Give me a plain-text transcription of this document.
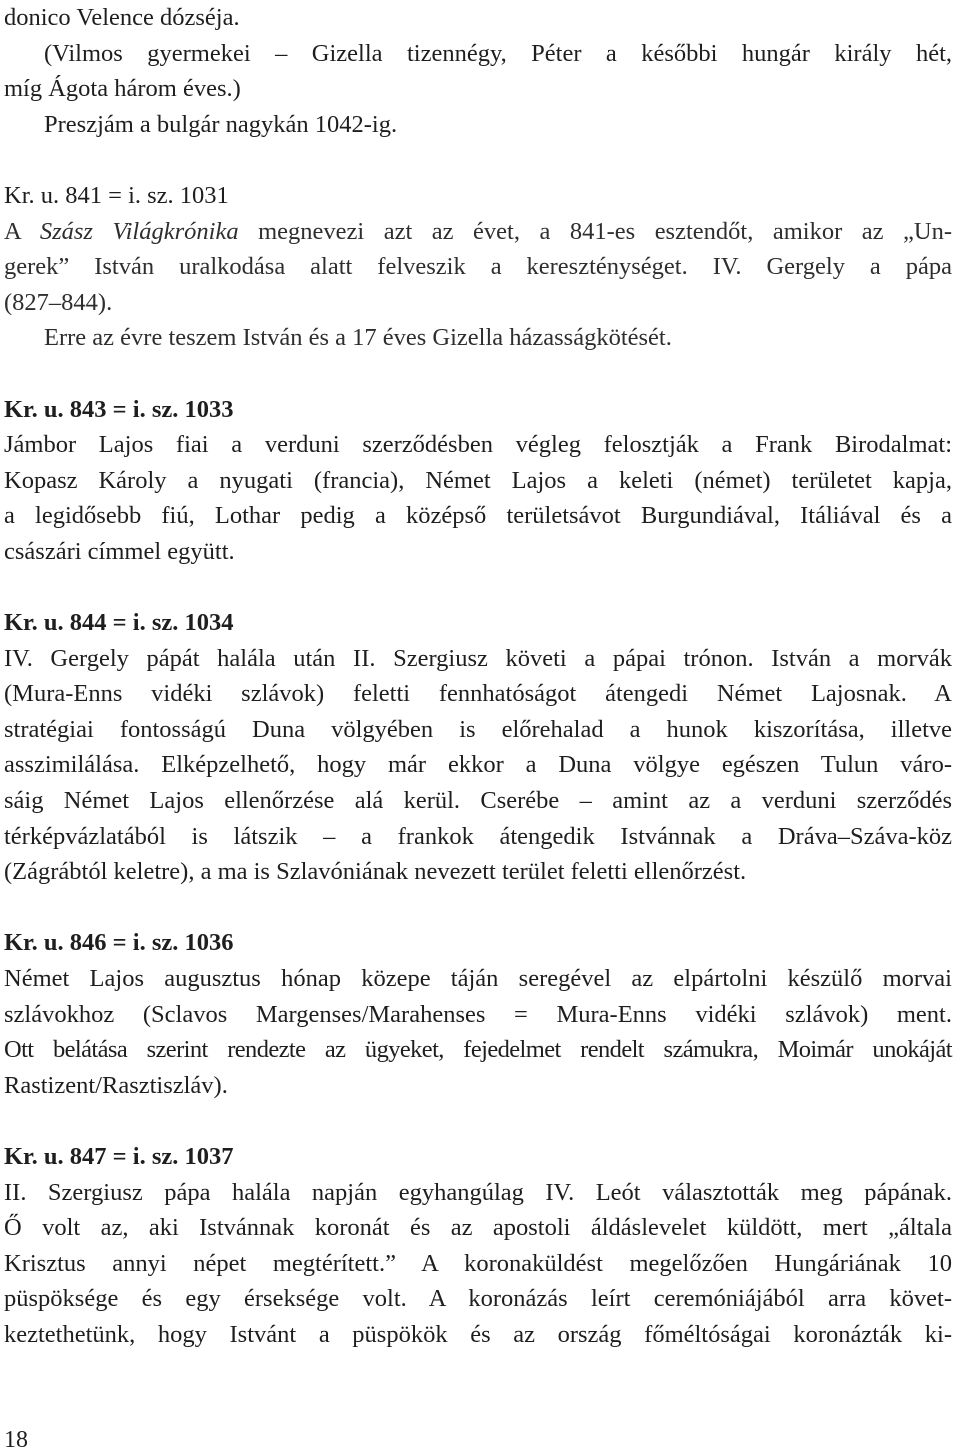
donico Velence dózséja.
(Vilmos gyermekei – Gizella tizennégy, Péter a későbbi hungár király hét,
míg Ágota három éves.)
Preszjám a bulgár nagykán 1042-ig.
Kr. u. 841 = i. sz. 1031
A Szász Világkrónika megnevezi azt az évet, a 841-es esztendőt, amikor az „Un-
gerek” István uralkodása alatt felveszik a kereszténységet. IV. Gergely a pápa
(827–844).
Erre az évre teszem István és a 17 éves Gizella házasságkötését.
Kr. u. 843 = i. sz. 1033
Jámbor Lajos fiai a verduni szerződésben végleg felosztják a Frank Birodalmat:
Kopasz Károly a nyugati (francia), Német Lajos a keleti (német) területet kapja,
a legidősebb fiú, Lothar pedig a középső területsávot Burgundiával, Itáliával és a
császári címmel együtt.
Kr. u. 844 = i. sz. 1034
IV. Gergely pápát halála után II. Szergiusz követi a pápai trónon. István a morvák
(Mura-Enns vidéki szlávok) feletti fennhatóságot átengedi Német Lajosnak. A
stratégiai fontosságú Duna völgyében is előrehalad a hunok kiszorítása, illetve
asszimilálása. Elképzelhető, hogy már ekkor a Duna völgye egészen Tulun váro-
sáig Német Lajos ellenőrzése alá kerül. Cserébe – amint az a verduni szerződés
térképvázlatából is látszik – a frankok átengedik Istvánnak a Dráva–Száva-köz
(Zágrábtól keletre), a ma is Szlavóniának nevezett terület feletti ellenőrzést.
Kr. u. 846 = i. sz. 1036
Német Lajos augusztus hónap közepe táján seregével az elpártolni készülő morvai
szlávokhoz (Sclavos Margenses/Marahenses = Mura-Enns vidéki szlávok) ment.
Ott belátása szerint rendezte az ügyeket, fejedelmet rendelt számukra, Moimár unokáját
Rastizent/Rasztiszláv).
Kr. u. 847 = i. sz. 1037
II. Szergiusz pápa halála napján egyhangúlag IV. Leót választották meg pápának.
Ő volt az, aki Istvánnak koronát és az apostoli áldáslevelet küldött, mert „általa
Krisztus annyi népet megtérített.” A koronaküldést megelőzően Hungáriának 10
püspöksége és egy érseksége volt. A koronázás leírt ceremóniájából arra követ-
keztethetünk, hogy Istvánt a püspökök és az ország főméltóságai koronázták ki-
18
